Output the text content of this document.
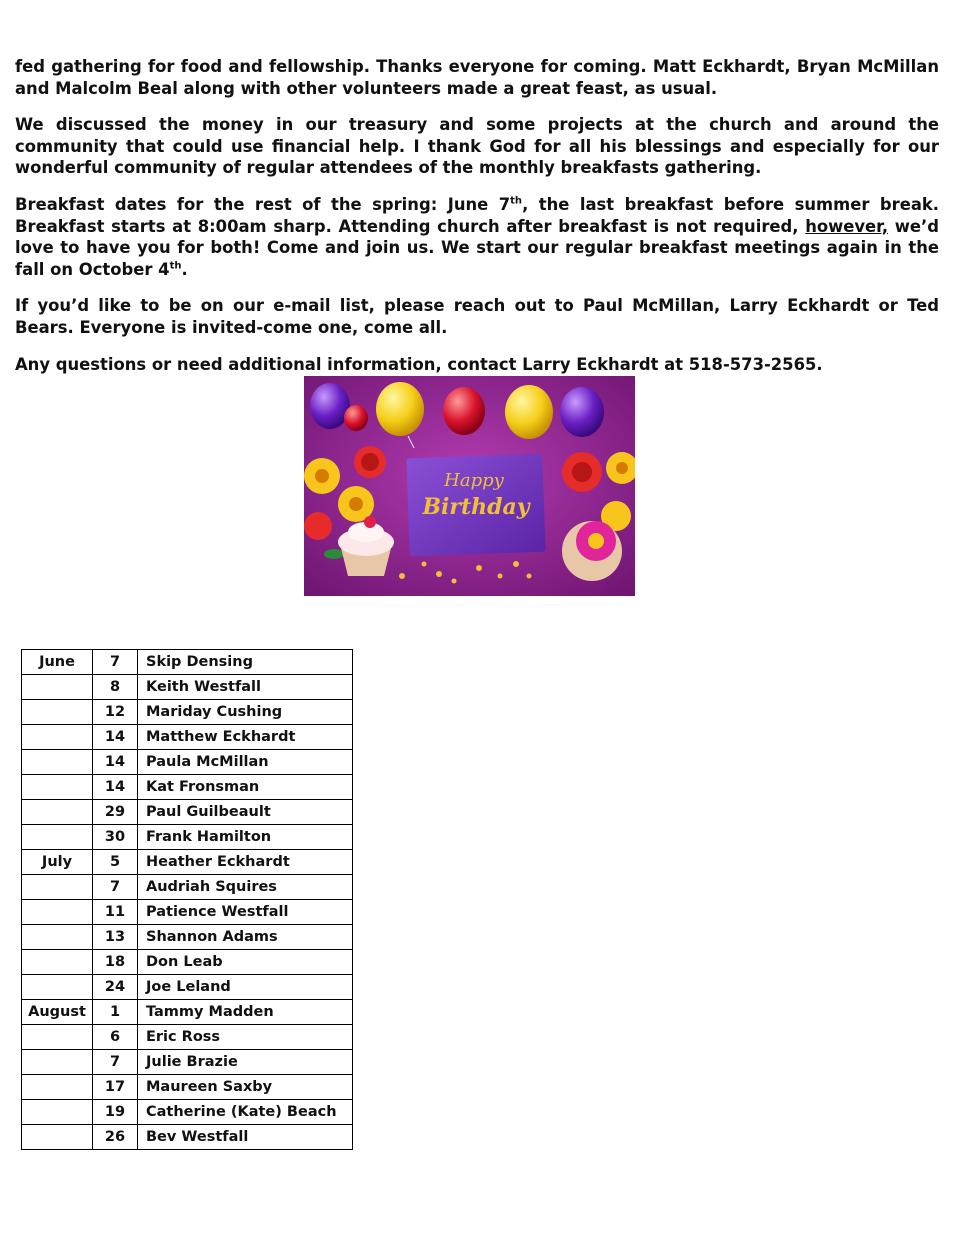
fed gathering for food and fellowship. Thanks everyone for coming. Matt Eckhardt, Bryan McMillan and Malcolm Beal along with other volunteers made a great feast, as usual.

We discussed the money in our treasury and some projects at the church and around the community that could use financial help. I thank God for all his blessings and especially for our wonderful community of regular attendees of the monthly breakfasts gathering.

Breakfast dates for the rest of the spring: June 7th, the last breakfast before summer break. Breakfast starts at 8:00am sharp. Attending church after breakfast is not required, however, we’d love to have you for both! Come and join us. We start our regular breakfast meetings again in the fall on October 4th.

If you’d like to be on our e-mail list, please reach out to Paul McMillan, Larry Eckhardt or Ted Bears. Everyone is invited-come one, come all.

Any questions or need additional information, contact Larry Eckhardt at 518-573-2565.

Happy
Birthday
June	7	Skip Densing
	8	Keith Westfall
	12	Mariday Cushing
	14	Matthew Eckhardt
	14	Paula McMillan
	14	Kat Fronsman
	29	Paul Guilbeault
	30	Frank Hamilton
July	5	Heather Eckhardt
	7	Audriah Squires
	11	Patience Westfall
	13	Shannon Adams
	18	Don Leab
	24	Joe Leland
August	1	Tammy Madden
	6	Eric Ross
	7	Julie Brazie
	17	Maureen Saxby
	19	Catherine (Kate) Beach
	26	Bev Westfall
